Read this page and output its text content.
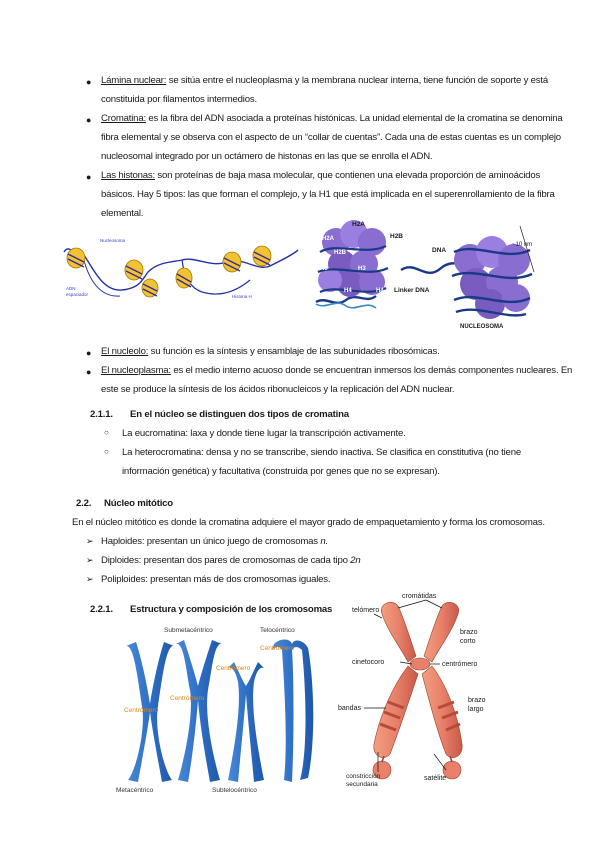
● Lámina nuclear: se sitúa entre el nucleoplasma y la membrana nuclear interna, tiene función de soporte y está
constituida por filamentos intermedios.
● Cromatina: es la fibra del ADN asociada a proteínas histónicas. La unidad elemental de la cromatina se denomina
fibra elemental y se observa con el aspecto de un “collar de cuentas”. Cada una de estas cuentas es un complejo
nucleosomal integrado por un octámero de histonas en las que se enrolla el ADN.
● Las histonas: son proteínas de baja masa molecular, que contienen una elevada proporción de aminoácidos
básicos. Hay 5 tipos: las que forman el complejo, y la H1 que está implicada en el superenrollamiento de la fibra
elemental.
Nucleosoma
ADN
espaciador	Histona H
H2A
H2B
H2A
H2B
H3	H3
H4	H4
~10 nm
DNA
Linker DNA
NUCLEOSOMA
● El nucleolo: su función es la síntesis y ensamblaje de las subunidades ribosómicas.
● El nucleoplasma: es el medio interno acuoso donde se encuentran inmersos los demás componentes nucleares. En
este se produce la síntesis de los ácidos ribonucleicos y la replicación del ADN nuclear.
2.1.1. En el núcleo se distinguen dos tipos de cromatina
○ La eucromatina: laxa y donde tiene lugar la transcripción activamente.
○ La heterocromatina: densa y no se transcribe, siendo inactiva. Se clasifica en constitutiva (no tiene
información genética) y facultativa (construida por genes que no se expresan).
2.2. Núcleo mitótico
En el núcleo mitótico es donde la cromatina adquiere el mayor grado de empaquetamiento y forma los cromosomas.
➢ Haploides: presentan un único juego de cromosomas n.
➢ Diploides: presentan dos pares de cromosomas de cada tipo 2n
➢ Poliploides: presentan más de dos cromosomas iguales.
2.2.1. Estructura y composición de los cromosomas
Submetacéntrico	Telocéntrico
Centrómero
Centrómero
Centrómero
Centrómero
Metacéntrico	Subtelocéntrico
cromátidas
telómero
brazo
corto
cinetocoro	centrómero
brazo
largo
bandas
constricción
secundaria
satélite
